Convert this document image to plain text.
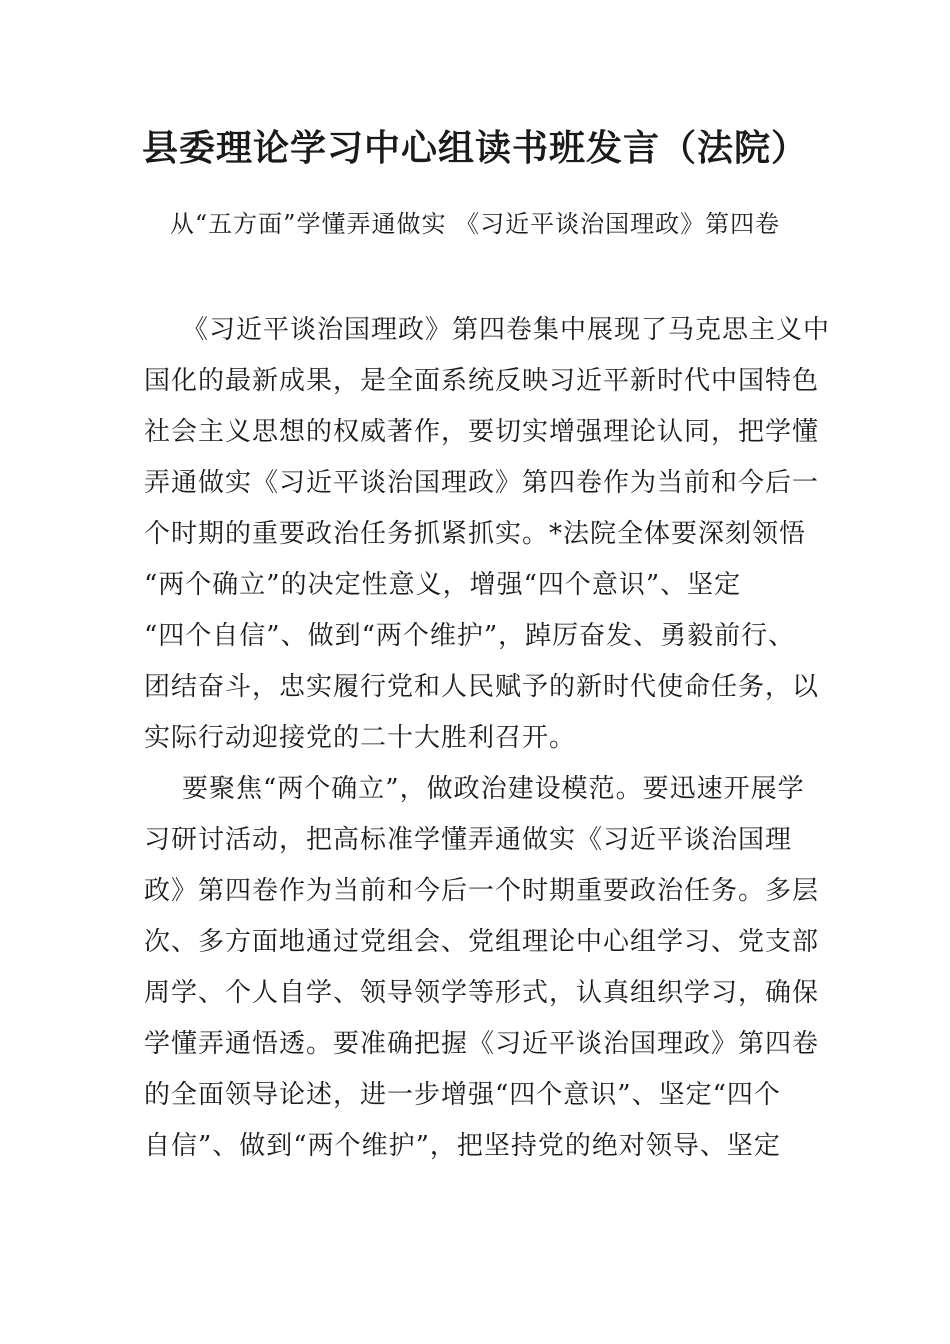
县委理论学习中心组读书班发言（法院）
从“五方面”学懂弄通做实 《习近平谈治国理政》第四卷
《习近平谈治国理政》第四卷集中展现了马克思主义中
国化的最新成果，是全面系统反映习近平新时代中国特色
社会主义思想的权威著作，要切实增强理论认同，把学懂
弄通做实《习近平谈治国理政》第四卷作为当前和今后一
个时期的重要政治任务抓紧抓实。*法院全体要深刻领悟
“两个确立”的决定性意义，增强“四个意识”、坚定
“四个自信”、做到“两个维护”，踔厉奋发、勇毅前行、
团结奋斗，忠实履行党和人民赋予的新时代使命任务，以
实际行动迎接党的二十大胜利召开。
要聚焦“两个确立”，做政治建设模范。要迅速开展学
习研讨活动，把高标准学懂弄通做实《习近平谈治国理
政》第四卷作为当前和今后一个时期重要政治任务。多层
次、多方面地通过党组会、党组理论中心组学习、党支部
周学、个人自学、领导领学等形式，认真组织学习，确保
学懂弄通悟透。要准确把握《习近平谈治国理政》第四卷
的全面领导论述，进一步增强“四个意识”、坚定“四个
自信”、做到“两个维护”，把坚持党的绝对领导、坚定
